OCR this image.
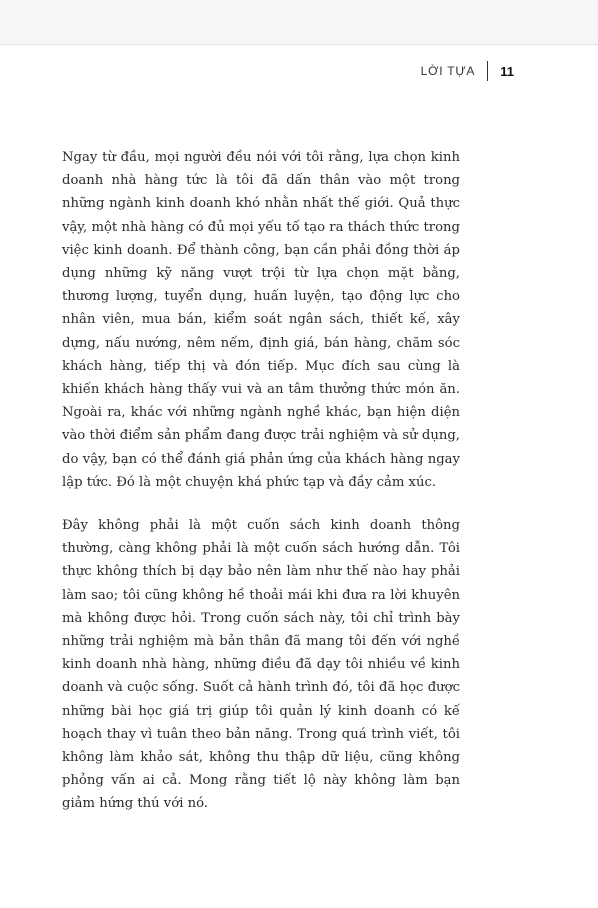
LỜI TỰA 11

Ngay từ đầu, mọi người đều nói với tôi rằng, lựa chọn kinh doanh nhà hàng tức là tôi đã dấn thân vào một trong những ngành kinh doanh khó nhằn nhất thế giới. Quả thực vậy, một nhà hàng có đủ mọi yếu tố tạo ra thách thức trong việc kinh doanh. Để thành công, bạn cần phải đồng thời áp dụng những kỹ năng vượt trội từ lựa chọn mặt bằng, thương lượng, tuyển dụng, huấn luyện, tạo động lực cho nhân viên, mua bán, kiểm soát ngân sách, thiết kế, xây dựng, nấu nướng, nêm nếm, định giá, bán hàng, chăm sóc khách hàng, tiếp thị và đón tiếp. Mục đích sau cùng là khiến khách hàng thấy vui và an tâm thưởng thức món ăn. Ngoài ra, khác với những ngành nghề khác, bạn hiện diện vào thời điểm sản phẩm đang được trải nghiệm và sử dụng, do vậy, bạn có thể đánh giá phản ứng của khách hàng ngay lập tức. Đó là một chuyện khá phức tạp và đầy cảm xúc.

Đây không phải là một cuốn sách kinh doanh thông thường, càng không phải là một cuốn sách hướng dẫn. Tôi thực không thích bị dạy bảo nên làm như thế nào hay phải làm sao; tôi cũng không hề thoải mái khi đưa ra lời khuyên mà không được hỏi. Trong cuốn sách này, tôi chỉ trình bày những trải nghiệm mà bản thân đã mang tôi đến với nghề kinh doanh nhà hàng, những điều đã dạy tôi nhiều về kinh doanh và cuộc sống. Suốt cả hành trình đó, tôi đã học được những bài học giá trị giúp tôi quản lý kinh doanh có kế hoạch thay vì tuân theo bản năng. Trong quá trình viết, tôi không làm khảo sát, không thu thập dữ liệu, cũng không phỏng vấn ai cả. Mong rằng tiết lộ này không làm bạn giảm hứng thú với nó.
